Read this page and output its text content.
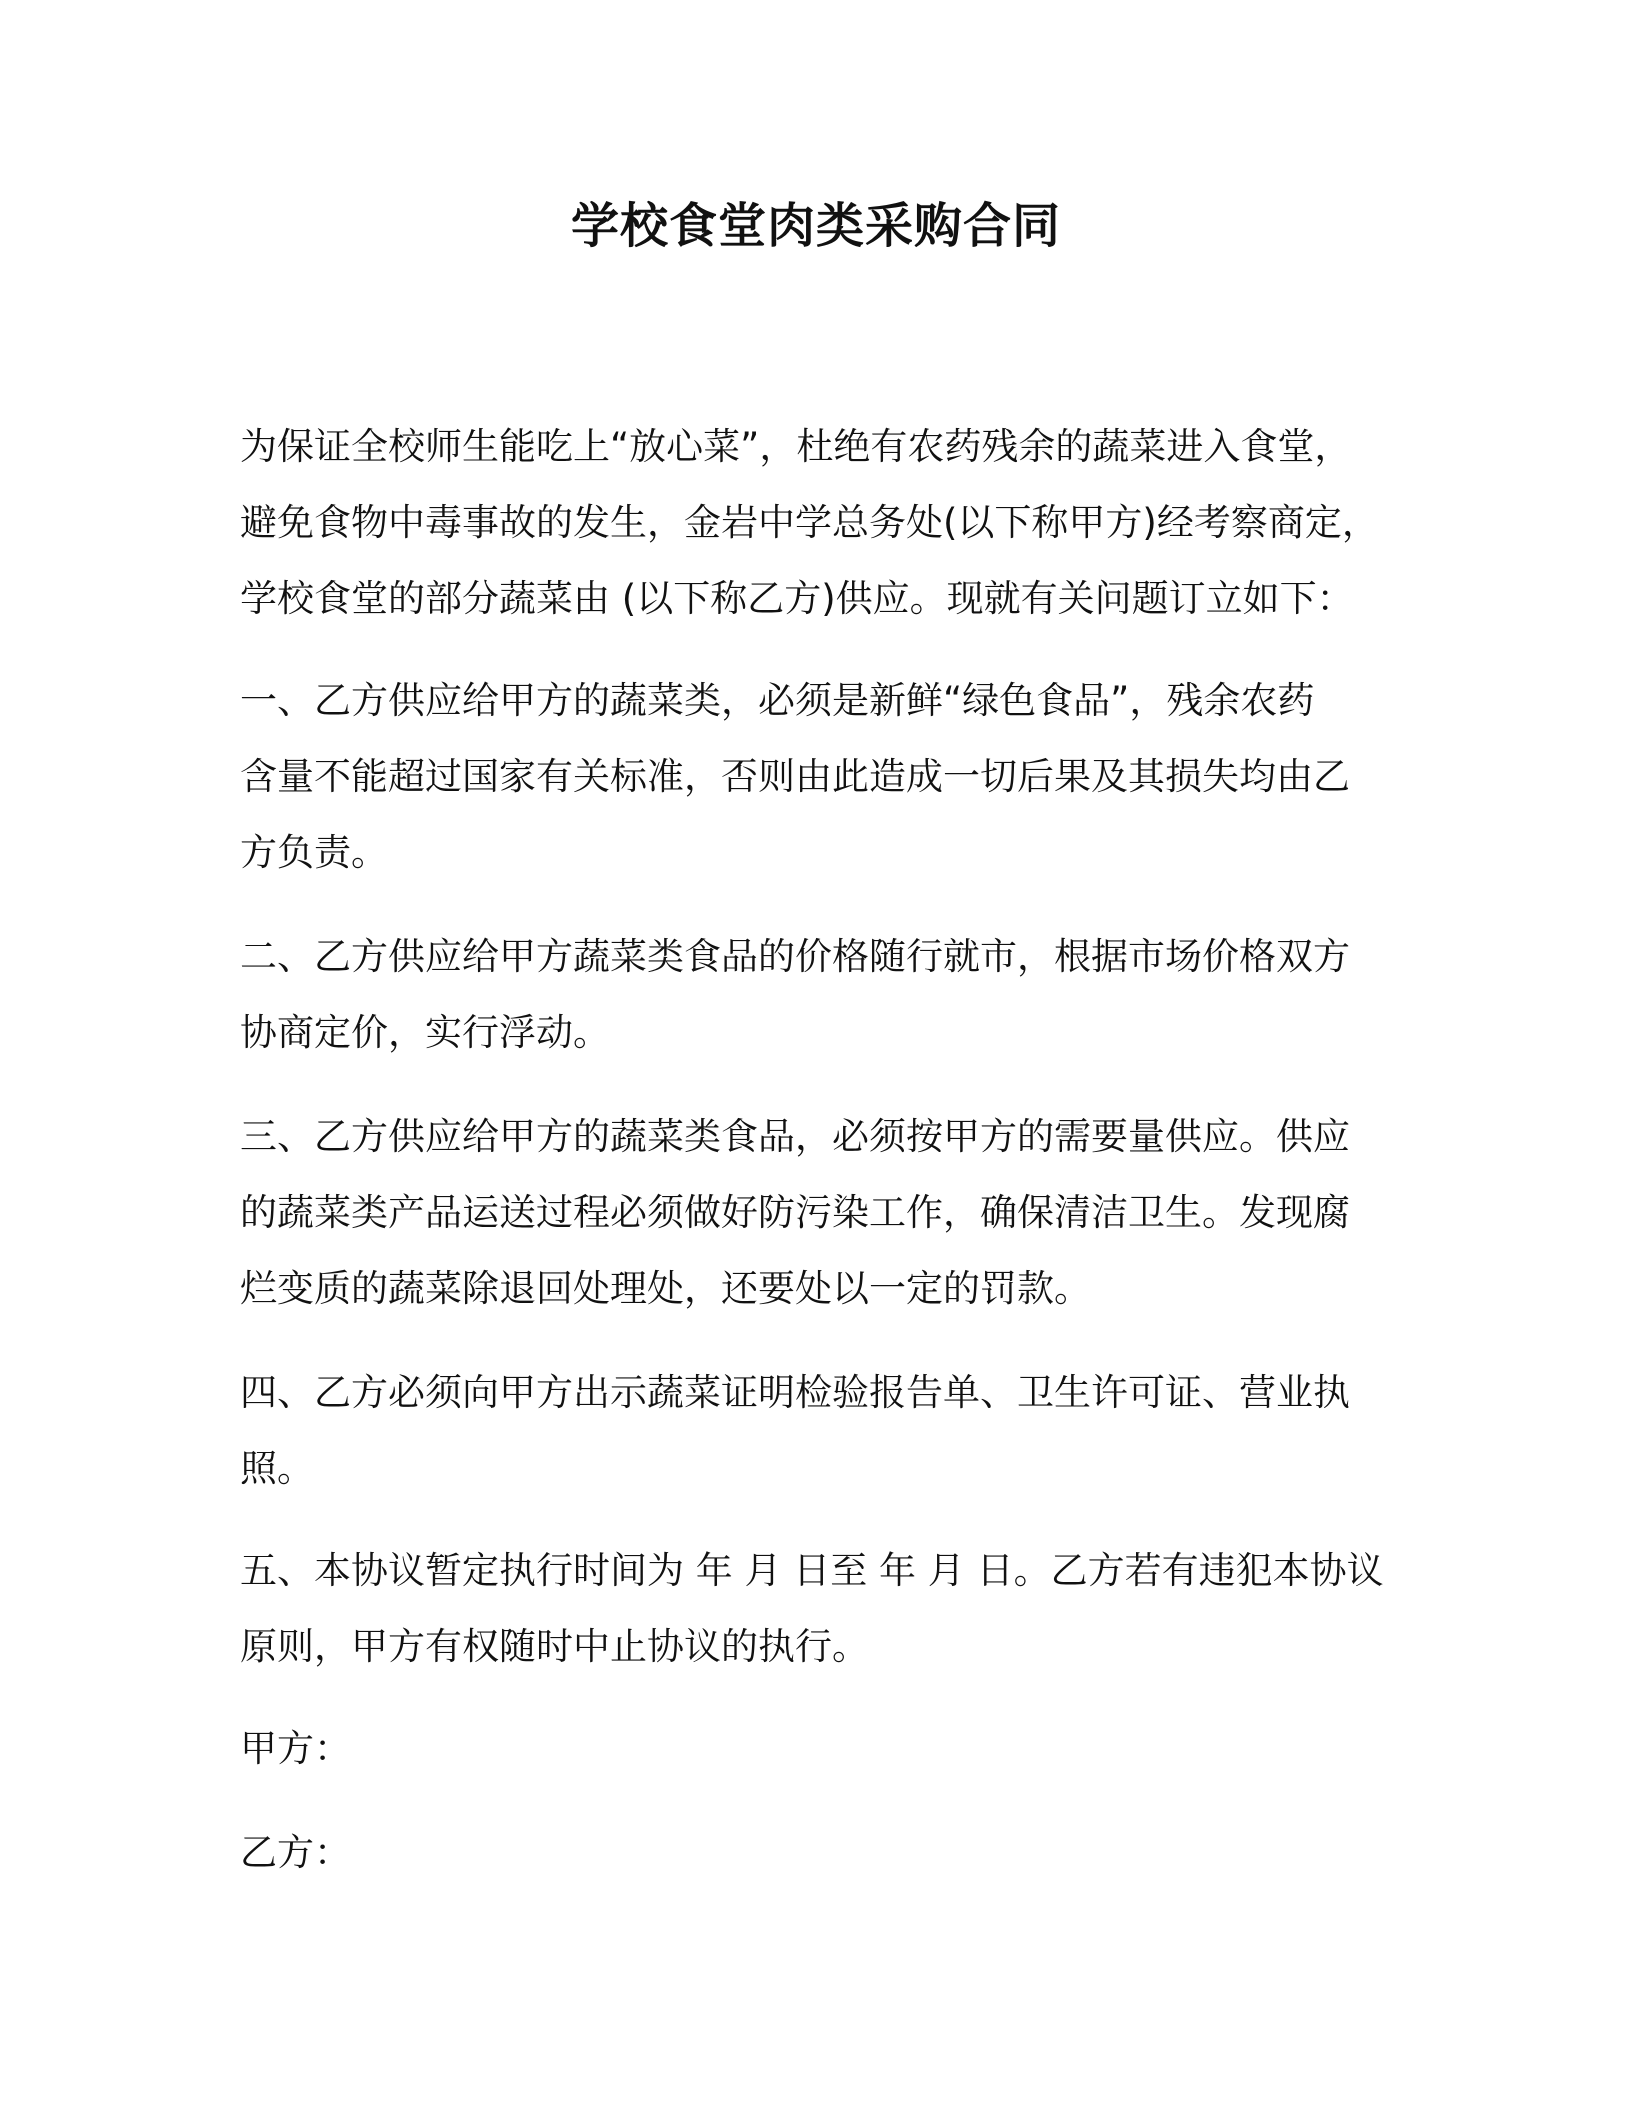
学校食堂肉类采购合同

为保证全校师生能吃上“放心菜”，杜绝有农药残余的蔬菜进入食堂，

避免食物中毒事故的发生，金岩中学总务处(以下称甲方)经考察商定，

学校食堂的部分蔬菜由 (以下称乙方)供应。现就有关问题订立如下：

一、乙方供应给甲方的蔬菜类，必须是新鲜“绿色食品”，残余农药

含量不能超过国家有关标准，否则由此造成一切后果及其损失均由乙

方负责。

二、乙方供应给甲方蔬菜类食品的价格随行就市，根据市场价格双方

协商定价，实行浮动。

三、乙方供应给甲方的蔬菜类食品，必须按甲方的需要量供应。供应

的蔬菜类产品运送过程必须做好防污染工作，确保清洁卫生。发现腐

烂变质的蔬菜除退回处理处，还要处以一定的罚款。

四、乙方必须向甲方出示蔬菜证明检验报告单、卫生许可证、营业执

照。

五、本协议暂定执行时间为 年 月 日至 年 月 日。乙方若有违犯本协议

原则，甲方有权随时中止协议的执行。

甲方：

乙方：
